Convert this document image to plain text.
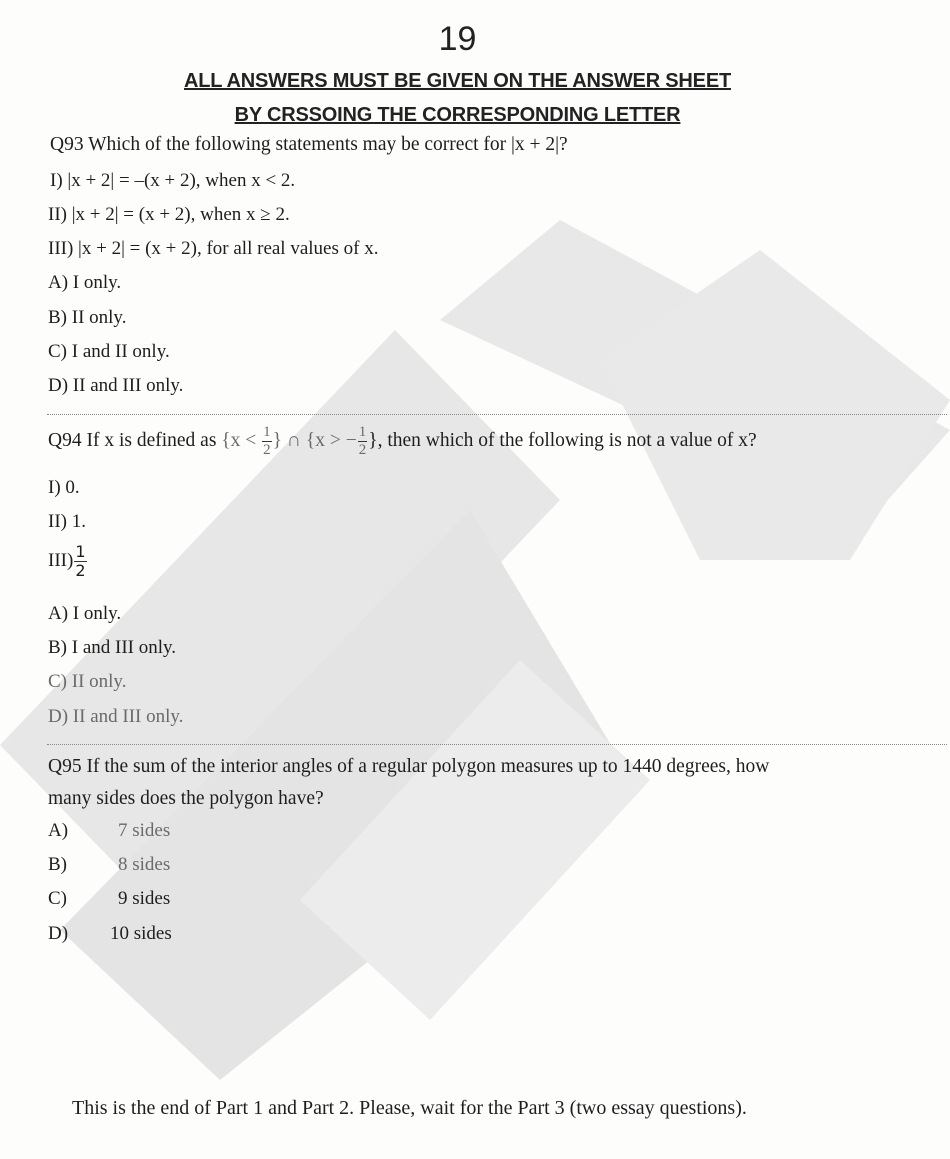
19
ALL ANSWERS MUST BE GIVEN ON THE ANSWER SHEET
BY CRSSOING THE CORRESPONDING LETTER
Q93 Which of the following statements may be correct for |x + 2|?
I) |x + 2| = –(x + 2), when x < 2.
II) |x + 2| = (x + 2), when x ≥ 2.
III) |x + 2| = (x + 2), for all real values of x.
A) I only.
B) II only.
C) I and II only.
D) II and III only.
Q94 If x is defined as {$x < \frac{1}{2}$ } ∩ {x > − $\frac{1}{2}$ }, then which of the following is not a value of x?
I) 0.
II) 1.
$III) \frac{1}{2}$
A) I only.
B) I and III only.
C) II only.
D) II and III only.
Q95 If the sum of the interior angles of a regular polygon measures up to 1440 degrees, how
many sides does the polygon have?
A)	7 sides
B)	8 sides
C)	9 sides
D) 10 sides
This is the end of Part 1 and Part 2. Please, wait for the Part 3 (two essay questions).
